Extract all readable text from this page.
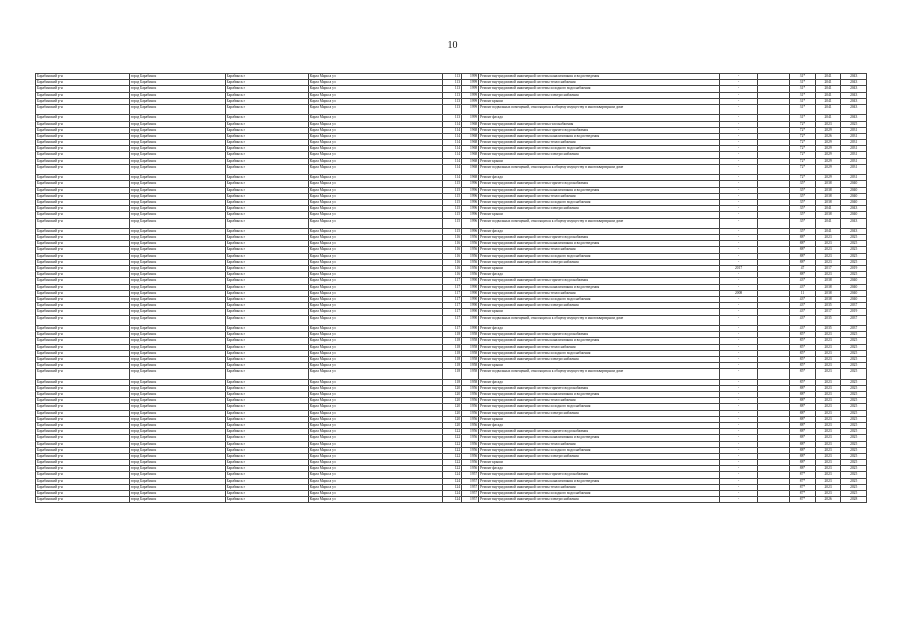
10
Барабинский р-н	город Барабинск	Барабинск г	Карла Маркса ул	113	1999	Ремонт внутридомовой инженерной системы канализования и водоотведения	-		31*	2041	2043
Барабинский р-н	город Барабинск	Барабинск г	Карла Маркса ул	113	1999	Ремонт внутридомовой инженерной системы теплоснабжения	-		31*	2041	2043
Барабинский р-н	город Барабинск	Барабинск г	Карла Маркса ул	113	1999	Ремонт внутридомовой инженерной системы холодного водоснабжения	-		31*	2041	2043
Барабинский р-н	город Барабинск	Барабинск г	Карла Маркса ул	113	1999	Ремонт внутридомовой инженерной системы электроснабжения	-		31*	2041	2043
Барабинский р-н	город Барабинск	Барабинск г	Карла Маркса ул	113	1999	Ремонт крыши	-		31*	2041	2043
Барабинский р-н	город Барабинск	Барабинск г	Карла Маркса ул	113	1999	Ремонт подвальных помещений, относящихся к общему имуществу в многоквартирном доме	-		31*	2041	2043
Барабинский р-н	город Барабинск	Барабинск г	Карла Маркса ул	113	1999	Ремонт фасада	-		31*	2041	2043
Барабинский р-н	город Барабинск	Барабинск г	Карла Маркса ул	114	1968	Ремонт внутридомовой инженерной системы газоснабжения	-		72*	2023	2025
Барабинский р-н	город Барабинск	Барабинск г	Карла Маркса ул	114	1968	Ремонт внутридомовой инженерной системы горячего водоснабжения	-		72*	2029	2031
Барабинский р-н	город Барабинск	Барабинск г	Карла Маркса ул	114	1968	Ремонт внутридомовой инженерной системы канализования и водоотведения	-		72*	2026	2031
Барабинский р-н	город Барабинск	Барабинск г	Карла Маркса ул	114	1968	Ремонт внутридомовой инженерной системы теплоснабжения	-		72*	2029	2031
Барабинский р-н	город Барабинск	Барабинск г	Карла Маркса ул	114	1968	Ремонт внутридомовой инженерной системы холодного водоснабжения	-		72*	2029	2031
Барабинский р-н	город Барабинск	Барабинск г	Карла Маркса ул	114	1968	Ремонт внутридомовой инженерной системы электроснабжения	-		72*	2029	2031
Барабинский р-н	город Барабинск	Барабинск г	Карла Маркса ул	114	1968	Ремонт крыши	-		72*	2029	2031
Барабинский р-н	город Барабинск	Барабинск г	Карла Маркса ул	114	1968	Ремонт подвальных помещений, относящихся к общему имуществу в многоквартирном доме	-		72*	2029	2031
Барабинский р-н	город Барабинск	Барабинск г	Карла Маркса ул	114	1968	Ремонт фасада	-		72*	2029	2031
Барабинский р-н	город Барабинск	Барабинск г	Карла Маркса ул	115	1996	Ремонт внутридомовой инженерной системы горячего водоснабжения	-		35*	2038	2040
Барабинский р-н	город Барабинск	Барабинск г	Карла Маркса ул	115	1996	Ремонт внутридомовой инженерной системы канализования и водоотведения	-		35*	2038	2040
Барабинский р-н	город Барабинск	Барабинск г	Карла Маркса ул	115	1996	Ремонт внутридомовой инженерной системы теплоснабжения	-		35*	2038	2040
Барабинский р-н	город Барабинск	Барабинск г	Карла Маркса ул	115	1996	Ремонт внутридомовой инженерной системы холодного водоснабжения	-		35*	2038	2040
Барабинский р-н	город Барабинск	Барабинск г	Карла Маркса ул	115	1996	Ремонт внутридомовой инженерной системы электроснабжения	-		35*	2041	2043
Барабинский р-н	город Барабинск	Барабинск г	Карла Маркса ул	115	1996	Ремонт крыши	-		35*	2038	2040
Барабинский р-н	город Барабинск	Барабинск г	Карла Маркса ул	115	1996	Ремонт подвальных помещений, относящихся к общему имуществу в многоквартирном доме	-		35*	2041	2043
Барабинский р-н	город Барабинск	Барабинск г	Карла Маркса ул	115	1996	Ремонт фасада	-		35*	2041	2043
Барабинский р-н	город Барабинск	Барабинск г	Карла Маркса ул	116	1956	Ремонт внутридомовой инженерной системы горячего водоснабжения	-		88*	2023	2025
Барабинский р-н	город Барабинск	Барабинск г	Карла Маркса ул	116	1956	Ремонт внутридомовой инженерной системы канализования и водоотведения	-		88*	2023	2025
Барабинский р-н	город Барабинск	Барабинск г	Карла Маркса ул	116	1956	Ремонт внутридомовой инженерной системы теплоснабжения	-		88*	2023	2025
Барабинский р-н	город Барабинск	Барабинск г	Карла Маркса ул	116	1956	Ремонт внутридомовой инженерной системы холодного водоснабжения	-		88*	2023	2025
Барабинский р-н	город Барабинск	Барабинск г	Карла Маркса ул	116	1956	Ремонт внутридомовой инженерной системы электроснабжения	-		88*	2023	2025
Барабинский р-н	город Барабинск	Барабинск г	Карла Маркса ул	116	1956	Ремонт крыши	2017		47	2017	2019
Барабинский р-н	город Барабинск	Барабинск г	Карла Маркса ул	116	1956	Ремонт фасада	-		88*	2023	2025
Барабинский р-н	город Барабинск	Барабинск г	Карла Маркса ул	117	1990	Ремонт внутридомовой инженерной системы горячего водоснабжения	-		43*	2038	2040
Барабинский р-н	город Барабинск	Барабинск г	Карла Маркса ул	117	1990	Ремонт внутридомовой инженерной системы канализования и водоотведения	-		43*	2038	2040
Барабинский р-н	город Барабинск	Барабинск г	Карла Маркса ул	117	1990	Ремонт внутридомовой инженерной системы теплоснабжения	2008		11	2038	2040
Барабинский р-н	город Барабинск	Барабинск г	Карла Маркса ул	117	1990	Ремонт внутридомовой инженерной системы холодного водоснабжения	-		43*	2038	2040
Барабинский р-н	город Барабинск	Барабинск г	Карла Маркса ул	117	1990	Ремонт внутридомовой инженерной системы электроснабжения	-		43*	2035	2037
Барабинский р-н	город Барабинск	Барабинск г	Карла Маркса ул	117	1990	Ремонт крыши	-		43*	2017	2019
Барабинский р-н	город Барабинск	Барабинск г	Карла Маркса ул	117	1990	Ремонт подвальных помещений, относящихся к общему имуществу в многоквартирном доме	-		43*	2035	2037
Барабинский р-н	город Барабинск	Барабинск г	Карла Маркса ул	117	1990	Ремонт фасада	-		43*	2035	2037
Барабинский р-н	город Барабинск	Барабинск г	Карла Маркса ул	118	1958	Ремонт внутридомовой инженерной системы горячего водоснабжения	-		85*	2023	2025
Барабинский р-н	город Барабинск	Барабинск г	Карла Маркса ул	118	1958	Ремонт внутридомовой инженерной системы канализования и водоотведения	-		85*	2023	2025
Барабинский р-н	город Барабинск	Барабинск г	Карла Маркса ул	118	1958	Ремонт внутридомовой инженерной системы теплоснабжения	-		85*	2023	2025
Барабинский р-н	город Барабинск	Барабинск г	Карла Маркса ул	118	1958	Ремонт внутридомовой инженерной системы холодного водоснабжения	-		85*	2023	2025
Барабинский р-н	город Барабинск	Барабинск г	Карла Маркса ул	118	1958	Ремонт внутридомовой инженерной системы электроснабжения	-		85*	2023	2025
Барабинский р-н	город Барабинск	Барабинск г	Карла Маркса ул	118	1958	Ремонт крыши	-		85*	2023	2025
Барабинский р-н	город Барабинск	Барабинск г	Карла Маркса ул	118	1958	Ремонт подвальных помещений, относящихся к общему имуществу в многоквартирном доме	-		85*	2023	2025
Барабинский р-н	город Барабинск	Барабинск г	Карла Маркса ул	118	1958	Ремонт фасада	-		85*	2023	2025
Барабинский р-н	город Барабинск	Барабинск г	Карла Маркса ул	120	1956	Ремонт внутридомовой инженерной системы горячего водоснабжения	-		88*	2023	2025
Барабинский р-н	город Барабинск	Барабинск г	Карла Маркса ул	120	1956	Ремонт внутридомовой инженерной системы канализования и водоотведения	-		88*	2023	2025
Барабинский р-н	город Барабинск	Барабинск г	Карла Маркса ул	120	1956	Ремонт внутридомовой инженерной системы теплоснабжения	-		88*	2023	2025
Барабинский р-н	город Барабинск	Барабинск г	Карла Маркса ул	120	1956	Ремонт внутридомовой инженерной системы холодного водоснабжения	-		88*	2023	2025
Барабинский р-н	город Барабинск	Барабинск г	Карла Маркса ул	120	1956	Ремонт внутридомовой инженерной системы электроснабжения	-		88*	2023	2025
Барабинский р-н	город Барабинск	Барабинск г	Карла Маркса ул	120	1956	Ремонт крыши	-		88*	2023	2025
Барабинский р-н	город Барабинск	Барабинск г	Карла Маркса ул	120	1956	Ремонт фасада	-		88*	2023	2025
Барабинский р-н	город Барабинск	Барабинск г	Карла Маркса ул	122	1956	Ремонт внутридомовой инженерной системы горячего водоснабжения	-		88*	2023	2025
Барабинский р-н	город Барабинск	Барабинск г	Карла Маркса ул	122	1956	Ремонт внутридомовой инженерной системы канализования и водоотведения	-		88*	2023	2025
Барабинский р-н	город Барабинск	Барабинск г	Карла Маркса ул	122	1956	Ремонт внутридомовой инженерной системы теплоснабжения	-		88*	2023	2025
Барабинский р-н	город Барабинск	Барабинск г	Карла Маркса ул	122	1956	Ремонт внутридомовой инженерной системы холодного водоснабжения	-		88*	2023	2025
Барабинский р-н	город Барабинск	Барабинск г	Карла Маркса ул	122	1956	Ремонт внутридомовой инженерной системы электроснабжения	-		88*	2023	2025
Барабинский р-н	город Барабинск	Барабинск г	Карла Маркса ул	122	1956	Ремонт крыши	-		88*	2023	2025
Барабинский р-н	город Барабинск	Барабинск г	Карла Маркса ул	122	1956	Ремонт фасада	-		88*	2023	2025
Барабинский р-н	город Барабинск	Барабинск г	Карла Маркса ул	124	1957	Ремонт внутридомовой инженерной системы горячего водоснабжения	-		87*	2023	2025
Барабинский р-н	город Барабинск	Барабинск г	Карла Маркса ул	124	1957	Ремонт внутридомовой инженерной системы канализования и водоотведения	-		87*	2023	2025
Барабинский р-н	город Барабинск	Барабинск г	Карла Маркса ул	124	1957	Ремонт внутридомовой инженерной системы теплоснабжения	-		87*	2023	2025
Барабинский р-н	город Барабинск	Барабинск г	Карла Маркса ул	124	1957	Ремонт внутридомовой инженерной системы холодного водоснабжения	-		87*	2023	2025
Барабинский р-н	город Барабинск	Барабинск г	Карла Маркса ул	124	1957	Ремонт внутридомовой инженерной системы электроснабжения	-		87*	2026	2028
